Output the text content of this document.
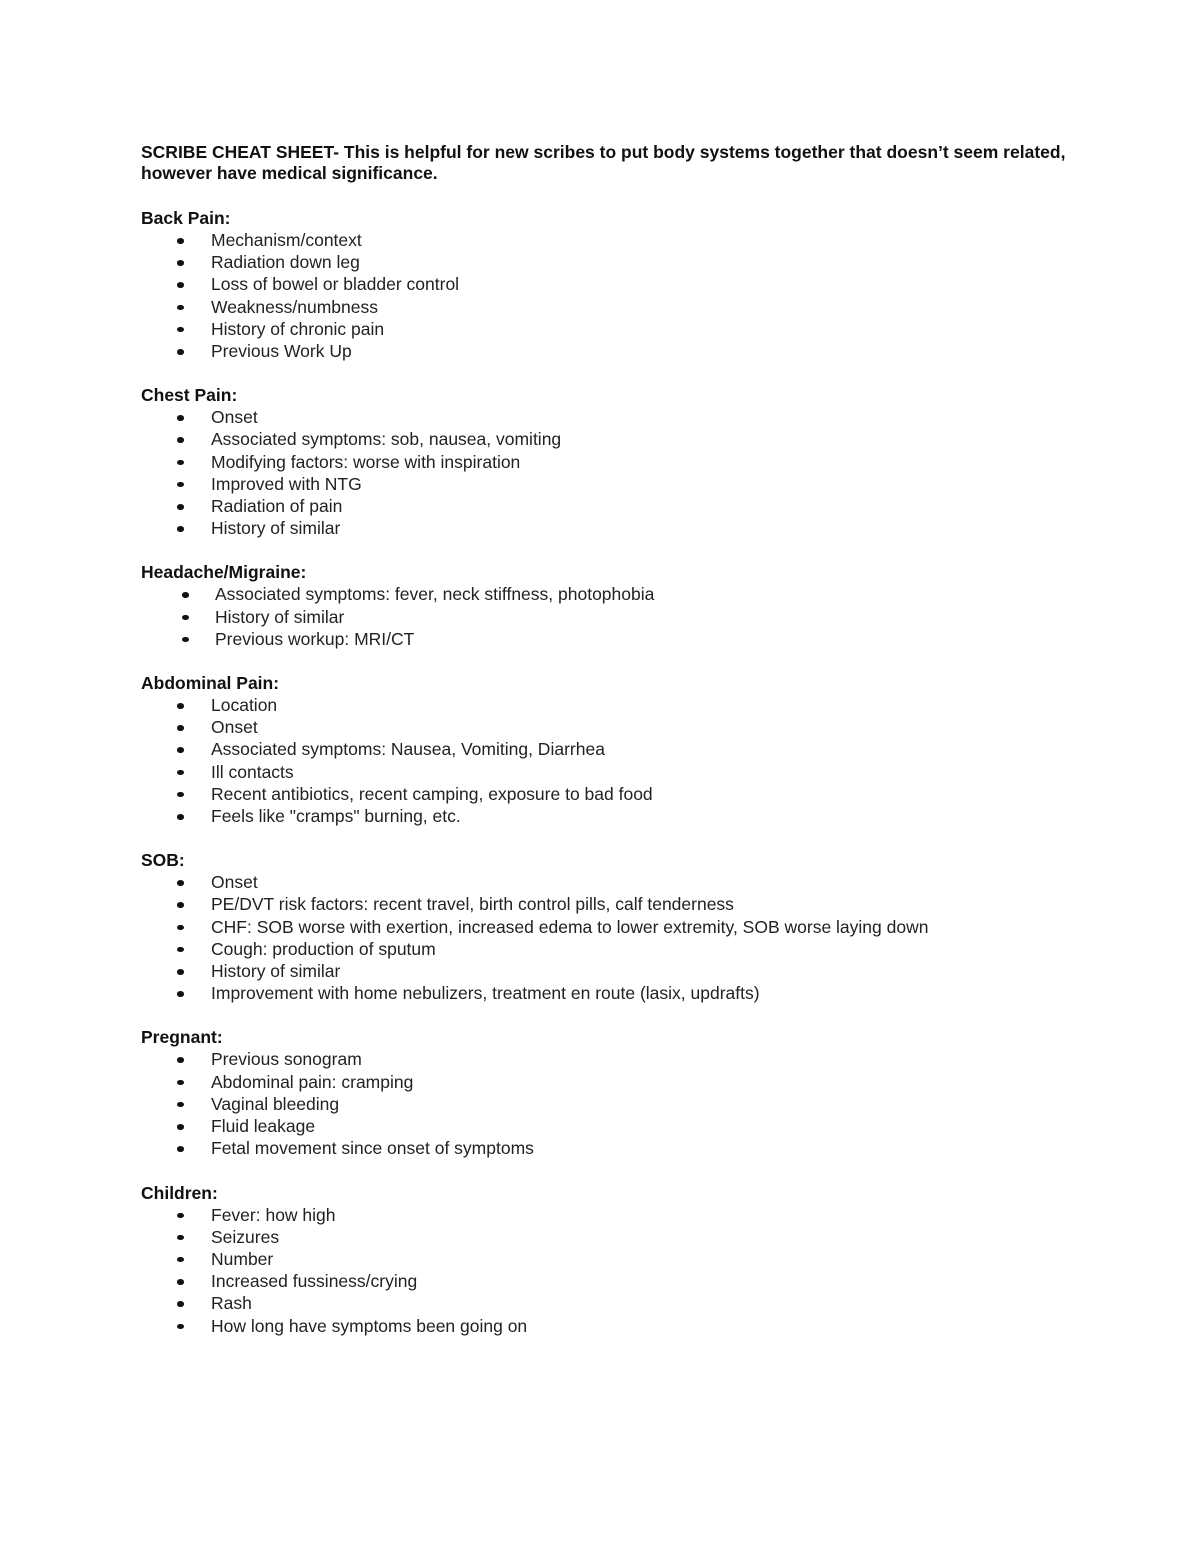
SCRIBE CHEAT SHEET- This is helpful for new scribes to put body systems together that doesn’t seem related, however have medical significance.

Back Pain:

Mechanism/context
Radiation down leg
Loss of bowel or bladder control
Weakness/numbness
History of chronic pain
Previous Work Up

Chest Pain:

Onset
Associated symptoms: sob, nausea, vomiting
Modifying factors: worse with inspiration
Improved with NTG
Radiation of pain
History of similar

Headache/Migraine:

Associated symptoms: fever, neck stiffness, photophobia
History of similar
Previous workup: MRI/CT

Abdominal Pain:

Location
Onset
Associated symptoms: Nausea, Vomiting, Diarrhea
Ill contacts
Recent antibiotics, recent camping, exposure to bad food
Feels like "cramps" burning, etc.

SOB:

Onset
PE/DVT risk factors: recent travel, birth control pills, calf tenderness
CHF: SOB worse with exertion, increased edema to lower extremity, SOB worse laying down
Cough: production of sputum
History of similar
Improvement with home nebulizers, treatment en route (lasix, updrafts)

Pregnant:

Previous sonogram
Abdominal pain: cramping
Vaginal bleeding
Fluid leakage
Fetal movement since onset of symptoms

Children:

Fever: how high
Seizures
Number
Increased fussiness/crying
Rash
How long have symptoms been going on
